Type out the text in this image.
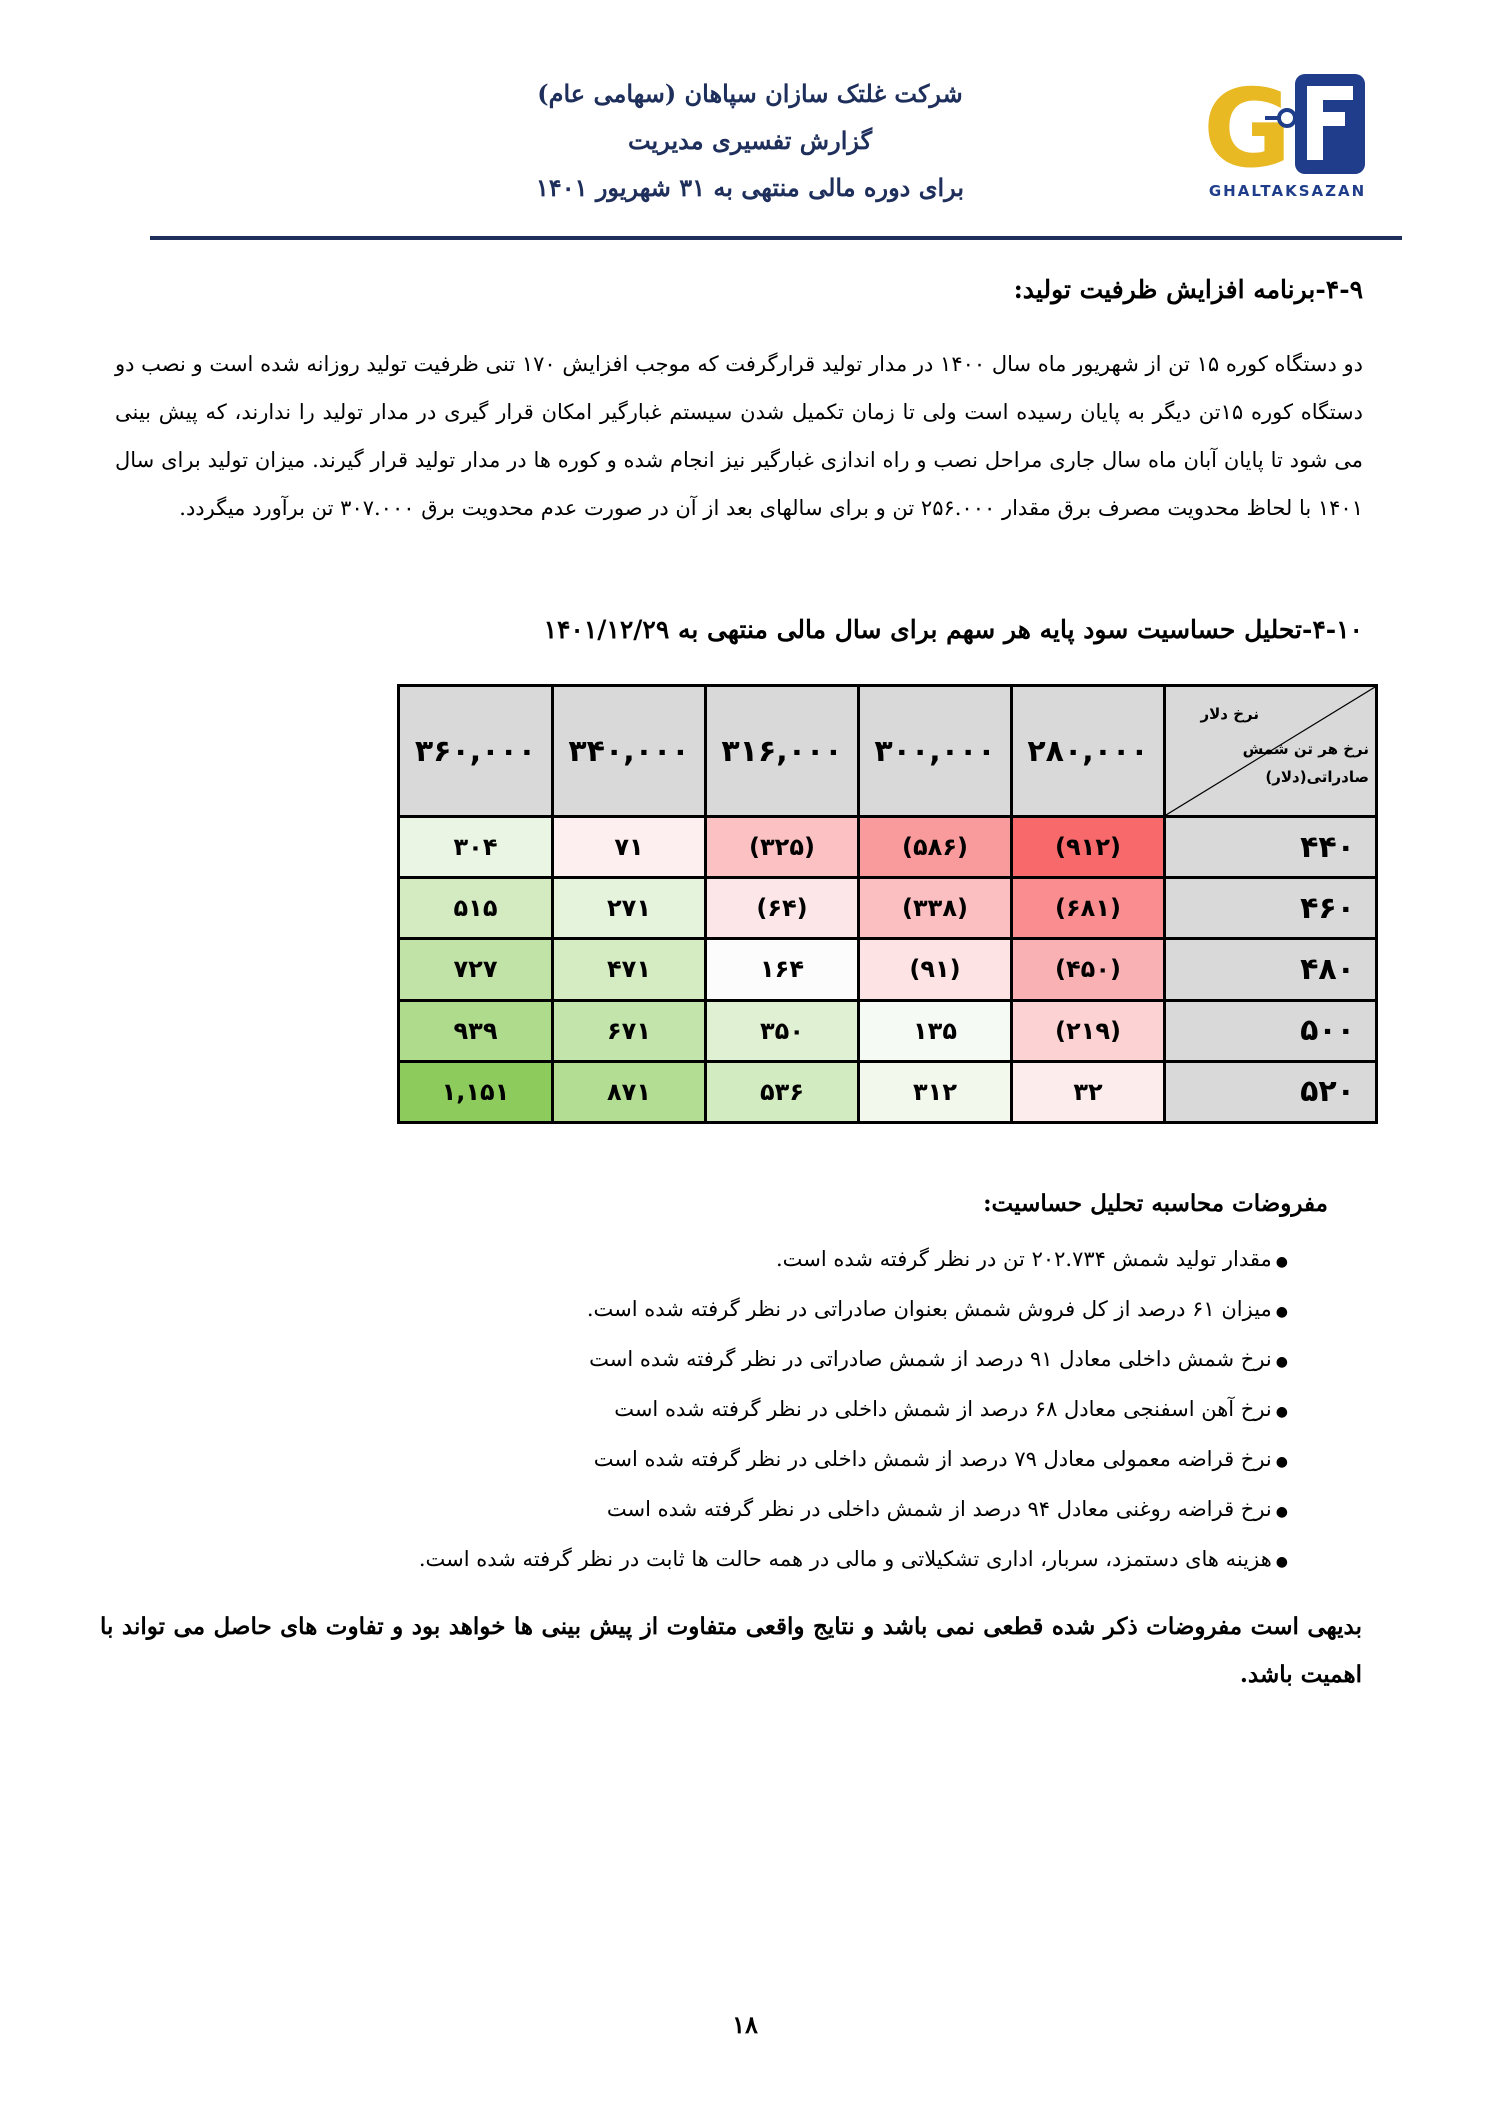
شرکت غلتک سازان سپاهان (سهامی عام)
گزارش تفسیری مدیریت
برای دوره مالی منتهی به ۳۱ شهریور ۱۴۰۱	G
GHALTAKSAZAN
۴-۹-برنامه افزایش ظرفیت تولید:
دو دستگاه کوره ۱۵ تن از شهریور ماه سال ۱۴۰۰ در مدار تولید قرارگرفت که موجب افزایش ۱۷۰ تنی ظرفیت تولید روزانه شده است و نصب دو دستگاه کوره ۱۵تن دیگر به پایان رسیده است ولی تا زمان تکمیل شدن سیستم غبارگیر امکان قرار گیری در مدار تولید را ندارند، که پیش بینی می شود تا پایان آبان ماه سال جاری مراحل نصب و راه اندازی غبارگیر نیز انجام شده و کوره ها در مدار تولید قرار گیرند. میزان تولید برای سال ۱۴۰۱ با لحاظ محدویت مصرف برق مقدار ۲۵۶.۰۰۰ تن و برای سالهای بعد از آن در صورت عدم محدویت برق ۳۰۷.۰۰۰ تن برآورد میگردد.
۴-۱۰-تحلیل حساسیت سود پایه هر سهم برای سال مالی منتهی به ۱۴۰۱/۱۲/۲۹
نرخ دلار
نرخ هر تن شمش
صادراتی(دلار)	۲۸۰,۰۰۰	۳۰۰,۰۰۰	۳۱۶,۰۰۰	۳۴۰,۰۰۰	۳۶۰,۰۰۰
۴۴۰	(۹۱۲)	(۵۸۶)	(۳۲۵)	۷۱	۳۰۴
۴۶۰	(۶۸۱)	(۳۳۸)	(۶۴)	۲۷۱	۵۱۵
۴۸۰	(۴۵۰)	(۹۱)	۱۶۴	۴۷۱	۷۲۷
۵۰۰	(۲۱۹)	۱۳۵	۳۵۰	۶۷۱	۹۳۹
۵۲۰	۳۲	۳۱۲	۵۳۶	۸۷۱	۱,۱۵۱
مفروضات محاسبه تحلیل حساسیت:
● مقدار تولید شمش ۲۰۲.۷۳۴ تن در نظر گرفته شده است.
● میزان ۶۱ درصد از کل فروش شمش بعنوان صادراتی در نظر گرفته شده است.
● نرخ شمش داخلی معادل ۹۱ درصد از شمش صادراتی در نظر گرفته شده است
● نرخ آهن اسفنجی معادل ۶۸ درصد از شمش داخلی در نظر گرفته شده است
● نرخ قراضه معمولی معادل ۷۹ درصد از شمش داخلی در نظر گرفته شده است
● نرخ قراضه روغنی معادل ۹۴ درصد از شمش داخلی در نظر گرفته شده است
● هزینه های دستمزد، سربار، اداری تشکیلاتی و مالی در همه حالت ها ثابت در نظر گرفته شده است.
بدیهی است مفروضات ذکر شده قطعی نمی باشد و نتایج واقعی متفاوت از پیش بینی ها خواهد بود و تفاوت های حاصل می تواند با اهمیت باشد.
۱۸
